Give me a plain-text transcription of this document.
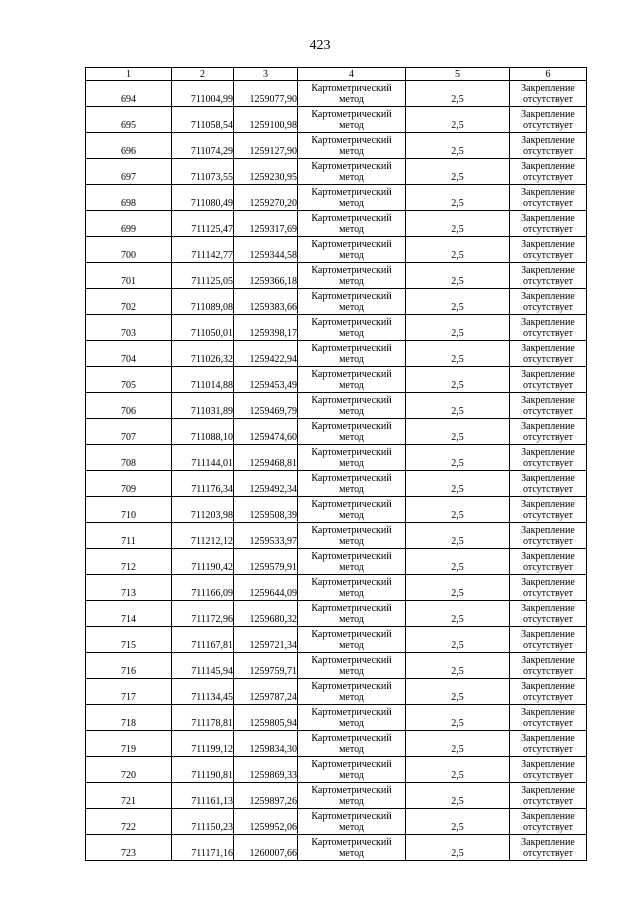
423
1	2	3	4	5	6
694	711004,99	1259077,90	Картометрический метод	2,5	Закрепление отсутствует
695	711058,54	1259100,98	Картометрический метод	2,5	Закрепление отсутствует
696	711074,29	1259127,90	Картометрический метод	2,5	Закрепление отсутствует
697	711073,55	1259230,95	Картометрический метод	2,5	Закрепление отсутствует
698	711080,49	1259270,20	Картометрический метод	2,5	Закрепление отсутствует
699	711125,47	1259317,69	Картометрический метод	2,5	Закрепление отсутствует
700	711142,77	1259344,58	Картометрический метод	2,5	Закрепление отсутствует
701	711125,05	1259366,18	Картометрический метод	2,5	Закрепление отсутствует
702	711089,08	1259383,66	Картометрический метод	2,5	Закрепление отсутствует
703	711050,01	1259398,17	Картометрический метод	2,5	Закрепление отсутствует
704	711026,32	1259422,94	Картометрический метод	2,5	Закрепление отсутствует
705	711014,88	1259453,49	Картометрический метод	2,5	Закрепление отсутствует
706	711031,89	1259469,79	Картометрический метод	2,5	Закрепление отсутствует
707	711088,10	1259474,60	Картометрический метод	2,5	Закрепление отсутствует
708	711144,01	1259468,81	Картометрический метод	2,5	Закрепление отсутствует
709	711176,34	1259492,34	Картометрический метод	2,5	Закрепление отсутствует
710	711203,98	1259508,39	Картометрический метод	2,5	Закрепление отсутствует
711	711212,12	1259533,97	Картометрический метод	2,5	Закрепление отсутствует
712	711190,42	1259579,91	Картометрический метод	2,5	Закрепление отсутствует
713	711166,09	1259644,09	Картометрический метод	2,5	Закрепление отсутствует
714	711172,96	1259680,32	Картометрический метод	2,5	Закрепление отсутствует
715	711167,81	1259721,34	Картометрический метод	2,5	Закрепление отсутствует
716	711145,94	1259759,71	Картометрический метод	2,5	Закрепление отсутствует
717	711134,45	1259787,24	Картометрический метод	2,5	Закрепление отсутствует
718	711178,81	1259805,94	Картометрический метод	2,5	Закрепление отсутствует
719	711199,12	1259834,30	Картометрический метод	2,5	Закрепление отсутствует
720	711190,81	1259869,33	Картометрический метод	2,5	Закрепление отсутствует
721	711161,13	1259897,26	Картометрический метод	2,5	Закрепление отсутствует
722	711150,23	1259952,06	Картометрический метод	2,5	Закрепление отсутствует
723	711171,16	1260007,66	Картометрический метод	2,5	Закрепление отсутствует
